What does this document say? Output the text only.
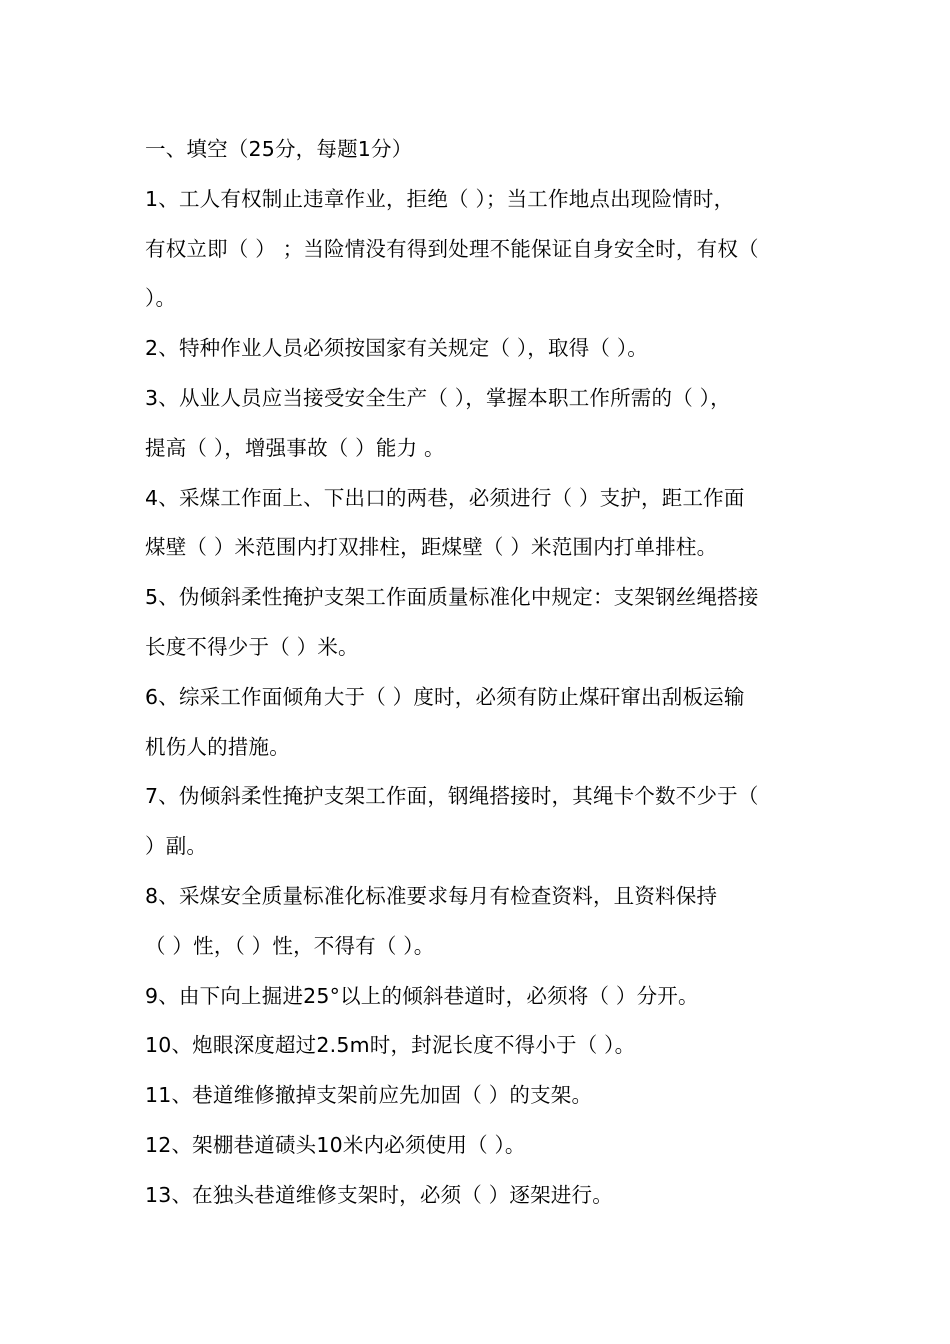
一、填空（25分，每题1分）
1、工人有权制止违章作业，拒绝（ ）；当工作地点出现险情时，
有权立即（ ） ；当险情没有得到处理不能保证自身安全时，有权（
）。
2、特种作业人员必须按国家有关规定（ ），取得（ ）。
3、从业人员应当接受安全生产（ ），掌握本职工作所需的（ ），
提高（ ），增强事故（ ）能力 。
4、采煤工作面上、下出口的两巷，必须进行（ ）支护，距工作面
煤壁（ ）米范围内打双排柱，距煤壁（ ）米范围内打单排柱。
5、伪倾斜柔性掩护支架工作面质量标准化中规定：支架钢丝绳搭接
长度不得少于（ ）米。
6、综采工作面倾角大于（ ）度时，必须有防止煤矸窜出刮板运输
机伤人的措施。
7、伪倾斜柔性掩护支架工作面，钢绳搭接时，其绳卡个数不少于（
）副。
8、采煤安全质量标准化标准要求每月有检查资料，且资料保持
（ ）性，（ ）性，不得有（ ）。
9、由下向上掘进25°以上的倾斜巷道时，必须将（ ）分开。
10、炮眼深度超过2.5m时，封泥长度不得小于（ ）。
11、巷道维修撤掉支架前应先加固（ ）的支架。
12、架棚巷道碛头10米内必须使用（ ）。
13、在独头巷道维修支架时，必须（ ）逐架进行。
